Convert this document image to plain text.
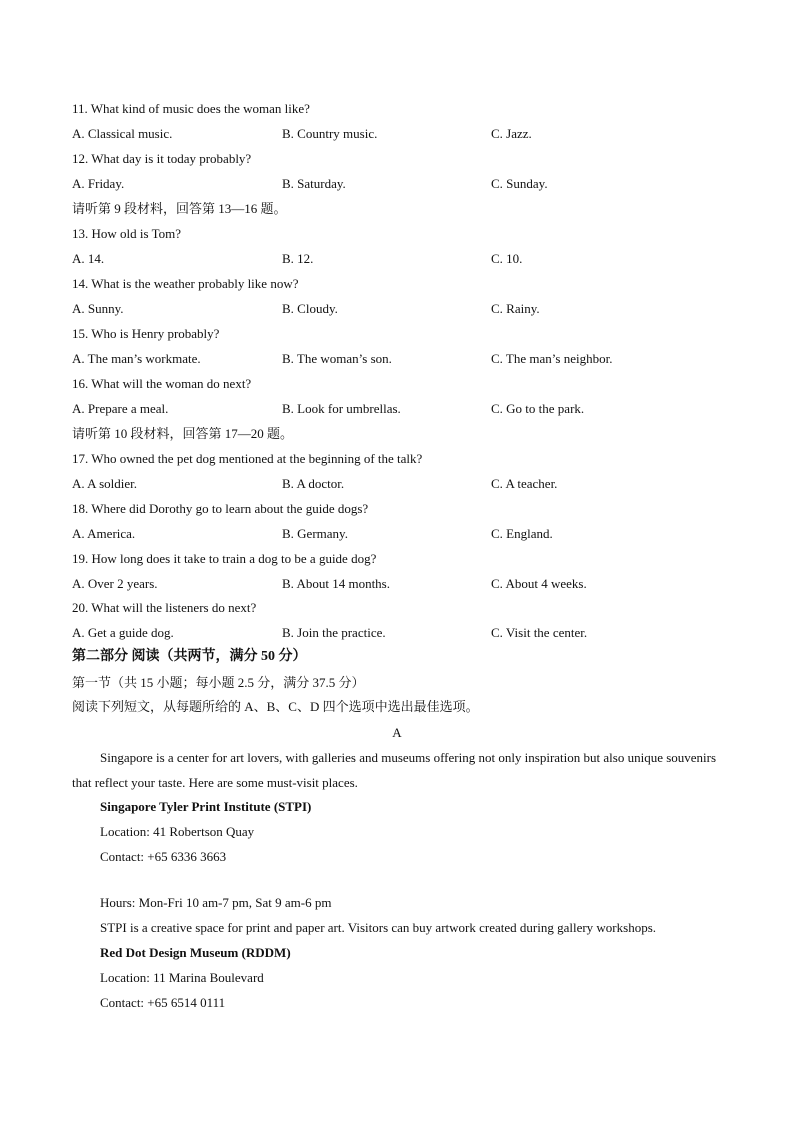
11. What kind of music does the woman like?
A. Classical music.	B. Country music.	C. Jazz.
12. What day is it today probably?
A. Friday.	B. Saturday.	C. Sunday.
请听第 9 段材料，回答第 13—16 题。
13. How old is Tom?
A. 14.	B. 12.	C. 10.
14. What is the weather probably like now?
A. Sunny.	B. Cloudy.	C. Rainy.
15. Who is Henry probably?
A. The man’s workmate.	B. The woman’s son.	C. The man’s neighbor.
16. What will the woman do next?
A. Prepare a meal.	B. Look for umbrellas.	C. Go to the park.
请听第 10 段材料，回答第 17—20 题。
17. Who owned the pet dog mentioned at the beginning of the talk?
A. A soldier.	B. A doctor.	C. A teacher.
18. Where did Dorothy go to learn about the guide dogs?
A. America.	B. Germany.	C. England.
19. How long does it take to train a dog to be a guide dog?
A. Over 2 years.	B. About 14 months.	C. About 4 weeks.
20. What will the listeners do next?
A. Get a guide dog.	B. Join the practice.	C. Visit the center.
第二部分 阅读（共两节，满分 50 分）
第一节（共 15 小题；每小题 2.5 分，满分 37.5 分）
阅读下列短文，从每题所给的 A、B、C、D 四个选项中选出最佳选项。
A
Singapore is a center for art lovers, with galleries and museums offering not only inspiration but also unique souvenirs that reflect your taste. Here are some must-visit places.
Singapore Tyler Print Institute (STPI)
Location: 41 Robertson Quay
Contact: +65 6336 3663
Hours: Mon-Fri 10 am-7 pm, Sat 9 am-6 pm
STPI is a creative space for print and paper art. Visitors can buy artwork created during gallery workshops.
Red Dot Design Museum (RDDM)
Location: 11 Marina Boulevard
Contact: +65 6514 0111
